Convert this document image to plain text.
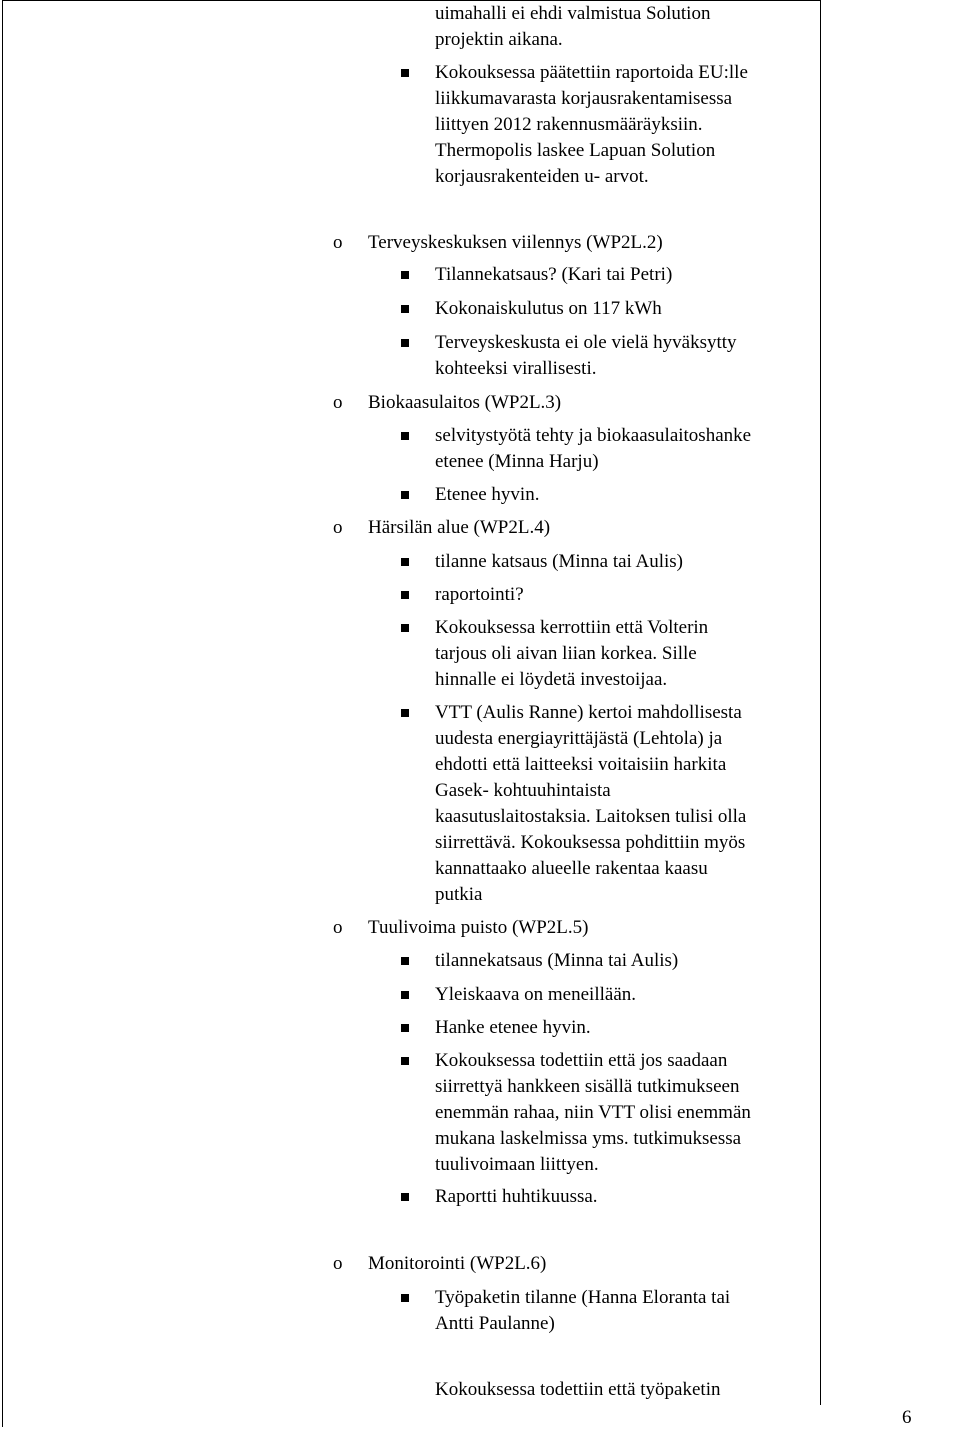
uimahalli ei ehdi valmistua Solution

projektin aikana.

Kokouksessa päätettiin raportoida EU:lle

liikkumavarasta korjausrakentamisessa

liittyen 2012 rakennusmääräyksiin.

Thermopolis laskee Lapuan Solution

korjausrakenteiden u- arvot.

o Terveyskeskuksen viilennys (WP2L.2)

Tilannekatsaus? (Kari tai Petri)

Kokonaiskulutus on 117 kWh

Terveyskeskusta ei ole vielä hyväksytty

kohteeksi virallisesti.

o Biokaasulaitos (WP2L.3)

selvitystyötä tehty ja biokaasulaitoshanke

etenee (Minna Harju)

Etenee hyvin.

o Härsilän alue (WP2L.4)

tilanne katsaus (Minna tai Aulis)

raportointi?

Kokouksessa kerrottiin että Volterin

tarjous oli aivan liian korkea. Sille

hinnalle ei löydetä investoijaa.

VTT (Aulis Ranne) kertoi mahdollisesta

uudesta energiayrittäjästä (Lehtola) ja

ehdotti että laitteeksi voitaisiin harkita

Gasek- kohtuuhintaista

kaasutuslaitostaksia. Laitoksen tulisi olla

siirrettävä. Kokouksessa pohdittiin myös

kannattaako alueelle rakentaa kaasu

putkia

o Tuulivoima puisto (WP2L.5)

tilannekatsaus (Minna tai Aulis)

Yleiskaava on meneillään.

Hanke etenee hyvin.

Kokouksessa todettiin että jos saadaan

siirrettyä hankkeen sisällä tutkimukseen

enemmän rahaa, niin VTT olisi enemmän

mukana laskelmissa yms. tutkimuksessa

tuulivoimaan liittyen.

Raportti huhtikuussa.

o Monitorointi (WP2L.6)

Työpaketin tilanne (Hanna Eloranta tai

Antti Paulanne)

Kokouksessa todettiin että työpaketin

6
